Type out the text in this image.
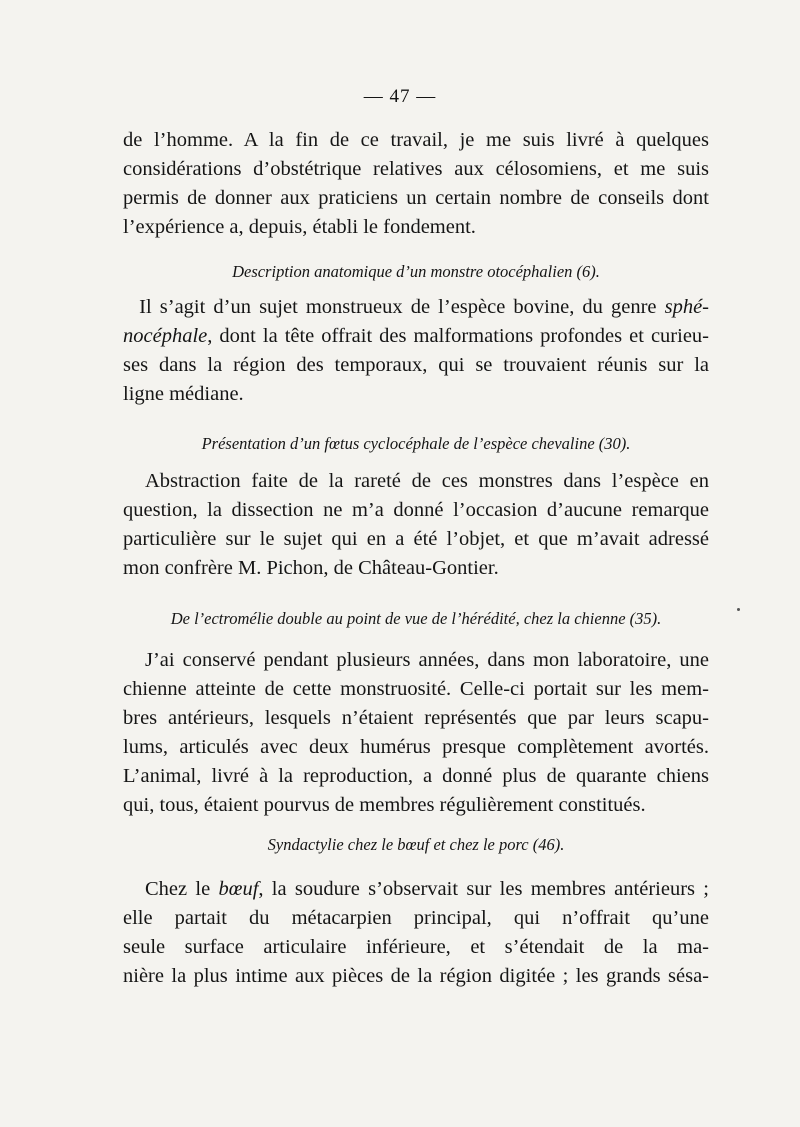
— 47 —
de l’homme. A la fin de ce travail, je me suis livré à quelques
considérations d’obstétrique relatives aux célosomiens, et me suis
permis de donner aux praticiens un certain nombre de conseils dont
l’expérience a, depuis, établi le fondement.
Description anatomique d’un monstre otocéphalien (6).
Il s’agit d’un sujet monstrueux de l’espèce bovine, du genre sphé-
nocéphale, dont la tête offrait des malformations profondes et curieu-
ses dans la région des temporaux, qui se trouvaient réunis sur la
ligne médiane.
Présentation d’un fœtus cyclocéphale de l’espèce chevaline (30).
Abstraction faite de la rareté de ces monstres dans l’espèce en
question, la dissection ne m’a donné l’occasion d’aucune remarque
particulière sur le sujet qui en a été l’objet, et que m’avait adressé
mon confrère M. Pichon, de Château-Gontier.
De l’ectromélie double au point de vue de l’hérédité, chez la chienne (35).
J’ai conservé pendant plusieurs années, dans mon laboratoire, une
chienne atteinte de cette monstruosité. Celle-ci portait sur les mem-
bres antérieurs, lesquels n’étaient représentés que par leurs scapu-
lums, articulés avec deux humérus presque complètement avortés.
L’animal, livré à la reproduction, a donné plus de quarante chiens
qui, tous, étaient pourvus de membres régulièrement constitués.
Syndactylie chez le bœuf et chez le porc (46).
Chez le bœuf, la soudure s’observait sur les membres antérieurs ;
elle partait du métacarpien principal, qui n’offrait qu’une
seule surface articulaire inférieure, et s’étendait de la ma-
nière la plus intime aux pièces de la région digitée ; les grands sésa-
